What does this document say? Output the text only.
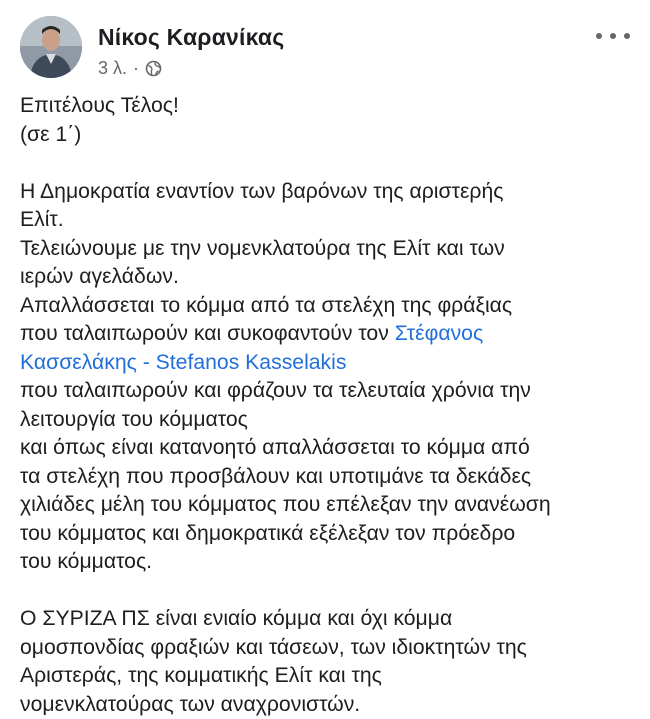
Νίκος Καρανίκας
3 λ. ·

Επιτέλους Τέλος!

(σε 1΄)

Η Δημοκρατία εναντίον των βαρόνων της αριστερής

Ελίτ.

Τελειώνουμε με την νομενκλατούρα της Ελίτ και των

ιερών αγελάδων.

Απαλλάσσεται το κόμμα από τα στελέχη της φράξιας

που ταλαιπωρούν και συκοφαντούν τον Στέφανος

Κασσελάκης - Stefanos Kasselakis

που ταλαιπωρούν και φράζουν τα τελευταία χρόνια την

λειτουργία του κόμματος

και όπως είναι κατανοητό απαλλάσσεται το κόμμα από

τα στελέχη που προσβάλουν και υποτιμάνε τα δεκάδες

χιλιάδες μέλη του κόμματος που επέλεξαν την ανανέωση

του κόμματος και δημοκρατικά εξέλεξαν τον πρόεδρο

του κόμματος.

Ο ΣΥΡΙΖΑ ΠΣ είναι ενιαίο κόμμα και όχι κόμμα

ομοσπονδίας φραξιών και τάσεων, των ιδιοκτητών της

Αριστεράς, της κομματικής Ελίτ και της

νομενκλατούρας των αναχρονιστών.
